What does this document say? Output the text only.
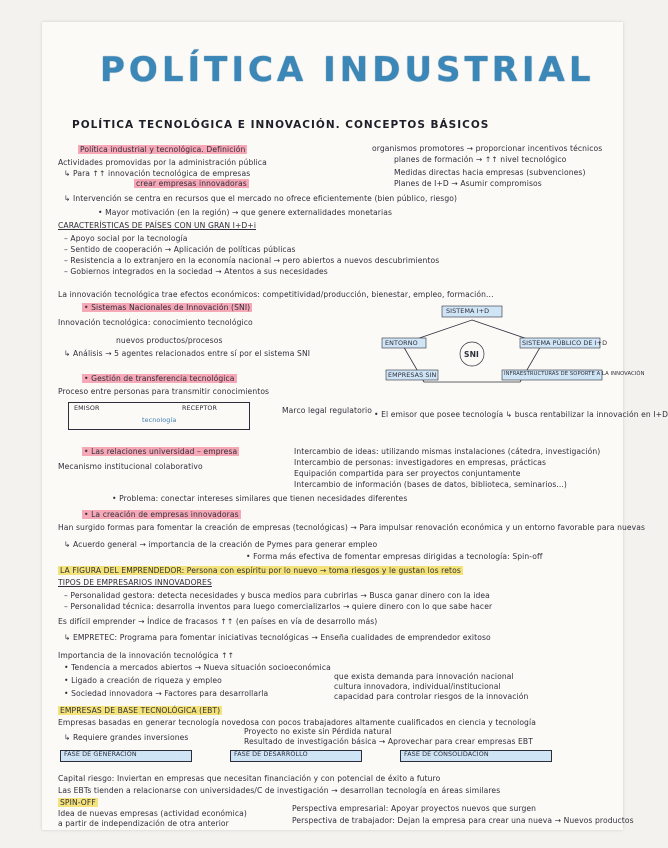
POLÍTICA INDUSTRIAL
POLÍTICA TECNOLÓGICA E INNOVACIÓN. CONCEPTOS BÁSICOS
Política industrial y tecnológica. Definición
Actividades promovidas por la administración pública
↳ Para ↑↑ innovación tecnológica de empresas
crear empresas innovadoras
organismos promotores → proporcionar incentivos técnicos
planes de formación → ↑↑ nivel tecnológico
Medidas directas hacia empresas (subvenciones)
Planes de I+D → Asumir compromisos
↳ Intervención se centra en recursos que el mercado no ofrece eficientemente (bien público, riesgo)
• Mayor motivación (en la región) → que genere externalidades monetarias
CARACTERÍSTICAS DE PAÍSES CON UN GRAN I+D+i
– Apoyo social por la tecnología
– Sentido de cooperación → Aplicación de políticas públicas
– Resistencia a lo extranjero en la economía nacional → pero abiertos a nuevos descubrimientos
– Gobiernos integrados en la sociedad → Atentos a sus necesidades
La innovación tecnológica trae efectos económicos: competitividad/producción, bienestar, empleo, formación...
• Sistemas Nacionales de Innovación (SNI)
Innovación tecnológica: conocimiento tecnológico
nuevos productos/procesos
↳ Análisis → 5 agentes relacionados entre sí por el sistema SNI
• Gestión de transferencia tecnológica
Proceso entre personas para transmitir conocimientos
SISTEMA I+D
ENTORNO	SISTEMA PÚBLICO DE I+D
EMPRESAS SIN	INFRAESTRUCTURAS DE SOPORTE A LA INNOVACIÓN
SNI
EMISOR	RECEPTOR
tecnología
Marco legal regulatorio • El emisor que posee tecnología ↳ busca rentabilizar la innovación en I+D
• Las relaciones universidad – empresa
Mecanismo institucional colaborativo
Intercambio de ideas: utilizando mismas instalaciones (cátedra, investigación)
Intercambio de personas: investigadores en empresas, prácticas
Equipación compartida para ser proyectos conjuntamente
Intercambio de información (bases de datos, biblioteca, seminarios...)
• Problema: conectar intereses similares que tienen necesidades diferentes
• La creación de empresas innovadoras
Han surgido formas para fomentar la creación de empresas (tecnológicas) → Para impulsar renovación económica y un entorno favorable para nuevas
↳ Acuerdo general → importancia de la creación de Pymes para generar empleo
• Forma más efectiva de fomentar empresas dirigidas a tecnología: Spin-off
LA FIGURA DEL EMPRENDEDOR: Persona con espíritu por lo nuevo → toma riesgos y le gustan los retos
TIPOS DE EMPRESARIOS INNOVADORES
– Personalidad gestora: detecta necesidades y busca medios para cubrirlas → Busca ganar dinero con la idea
– Personalidad técnica: desarrolla inventos para luego comercializarlos → quiere dinero con lo que sabe hacer
Es difícil emprender → Índice de fracasos ↑↑ (en países en vía de desarrollo más)
↳ EMPRETEC: Programa para fomentar iniciativas tecnológicas → Enseña cualidades de emprendedor exitoso
Importancia de la innovación tecnológica ↑↑
• Tendencia a mercados abiertos → Nueva situación socioeconómica
• Ligado a creación de riqueza y empleo
• Sociedad innovadora → Factores para desarrollarla
que exista demanda para innovación nacional
cultura innovadora, individual/institucional
capacidad para controlar riesgos de la innovación
EMPRESAS DE BASE TECNOLÓGICA (EBT)
Empresas basadas en generar tecnología novedosa con pocos trabajadores altamente cualificados en ciencia y tecnología
↳ Requiere grandes inversiones
Proyecto no existe sin Pérdida natural
Resultado de investigación básica → Aprovechar para crear empresas EBT
FASE DE GENERACIÓN	FASE DE DESARROLLO	FASE DE CONSOLIDACIÓN
Capital riesgo: Inviertan en empresas que necesitan financiación y con potencial de éxito a futuro
Las EBTs tienden a relacionarse con universidades/C de investigación → desarrollan tecnología en áreas similares
SPIN-OFF
Idea de nuevas empresas (actividad económica)
a partir de independización de otra anterior
Perspectiva empresarial: Apoyar proyectos nuevos que surgen
Perspectiva de trabajador: Dejan la empresa para crear una nueva → Nuevos productos
